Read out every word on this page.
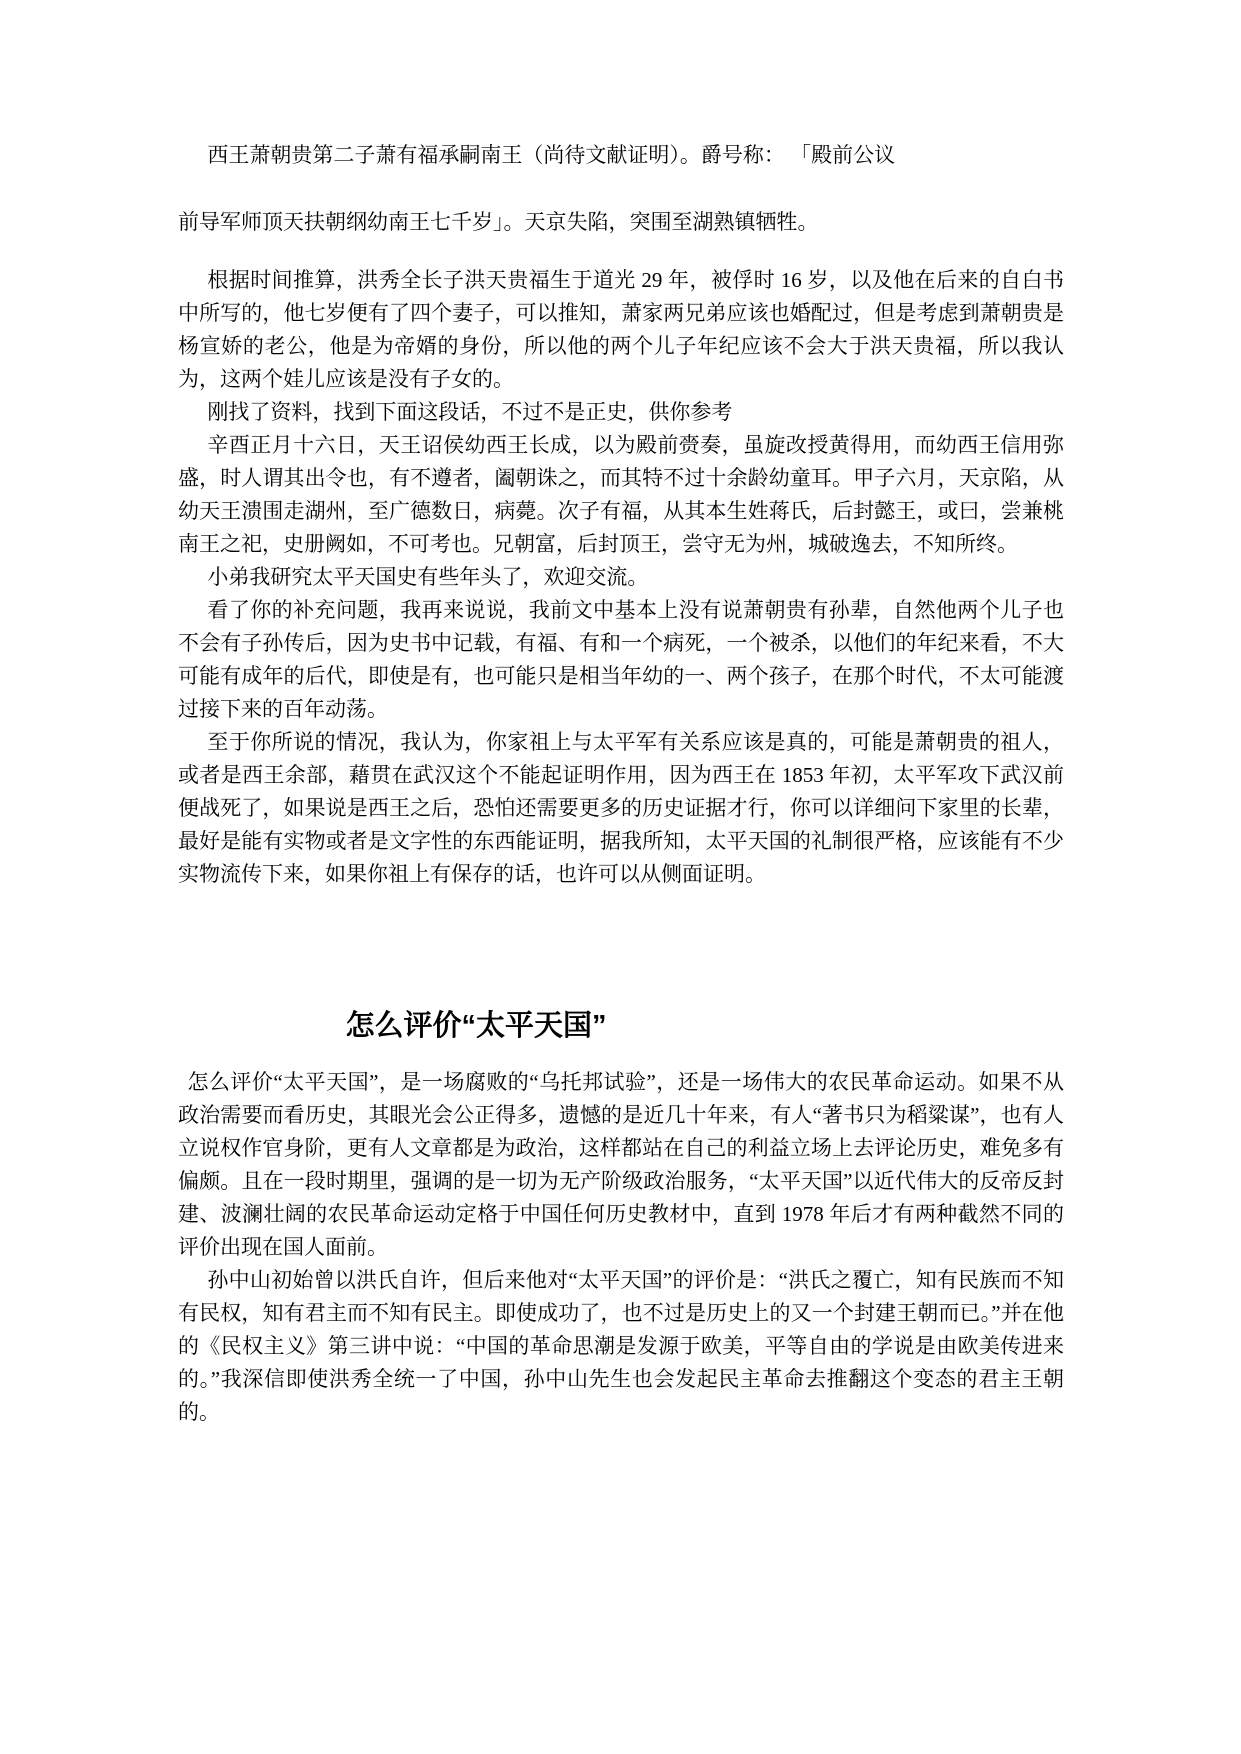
西王萧朝贵第二子萧有福承嗣南王（尚待文献证明）。爵号称： 「殿前公议

前导军师顶天扶朝纲幼南王七千岁」。天京失陷，突围至湖熟镇牺牲。

根据时间推算，洪秀全长子洪天贵福生于道光 29 年，被俘时 16 岁，以及他在后来的自白书中所写的，他七岁便有了四个妻子，可以推知，萧家两兄弟应该也婚配过，但是考虑到萧朝贵是杨宣娇的老公，他是为帝婿的身份，所以他的两个儿子年纪应该不会大于洪天贵福，所以我认为，这两个娃儿应该是没有子女的。

刚找了资料，找到下面这段话，不过不是正史，供你参考

辛酉正月十六日，天王诏侯幼西王长成，以为殿前赍奏，虽旋改授黄得用，而幼西王信用弥盛，时人谓其出令也，有不遵者，阖朝诛之，而其特不过十余龄幼童耳。甲子六月，天京陷，从幼天王溃围走湖州，至广德数日，病薨。次子有福，从其本生姓蒋氏，后封懿王，或曰，尝兼桃南王之祀，史册阙如，不可考也。兄朝富，后封顶王，尝守无为州，城破逸去，不知所终。

小弟我研究太平天国史有些年头了，欢迎交流。

看了你的补充问题，我再来说说，我前文中基本上没有说萧朝贵有孙辈，自然他两个儿子也不会有子孙传后，因为史书中记载，有福、有和一个病死，一个被杀，以他们的年纪来看，不大可能有成年的后代，即使是有，也可能只是相当年幼的一、两个孩子，在那个时代，不太可能渡过接下来的百年动荡。

至于你所说的情况，我认为，你家祖上与太平军有关系应该是真的，可能是萧朝贵的祖人，或者是西王余部，藉贯在武汉这个不能起证明作用，因为西王在 1853 年初，太平军攻下武汉前便战死了，如果说是西王之后，恐怕还需要更多的历史证据才行，你可以详细问下家里的长辈，最好是能有实物或者是文字性的东西能证明，据我所知，太平天国的礼制很严格，应该能有不少实物流传下来，如果你祖上有保存的话，也许可以从侧面证明。

怎么评价“太平天国”

怎么评价“太平天国”，是一场腐败的“乌托邦试验”，还是一场伟大的农民革命运动。如果不从政治需要而看历史，其眼光会公正得多，遗憾的是近几十年来，有人“著书只为稻粱谋”，也有人立说权作官身阶，更有人文章都是为政治，这样都站在自己的利益立场上去评论历史，难免多有偏颇。且在一段时期里，强调的是一切为无产阶级政治服务，“太平天国”以近代伟大的反帝反封建、波澜壮阔的农民革命运动定格于中国任何历史教材中，直到 1978 年后才有两种截然不同的评价出现在国人面前。

孙中山初始曾以洪氏自许，但后来他对“太平天国”的评价是：“洪氏之覆亡，知有民族而不知有民权，知有君主而不知有民主。即使成功了，也不过是历史上的又一个封建王朝而已。”并在他的《民权主义》第三讲中说：“中国的革命思潮是发源于欧美，平等自由的学说是由欧美传进来的。”我深信即使洪秀全统一了中国，孙中山先生也会发起民主革命去推翻这个变态的君主王朝的。
